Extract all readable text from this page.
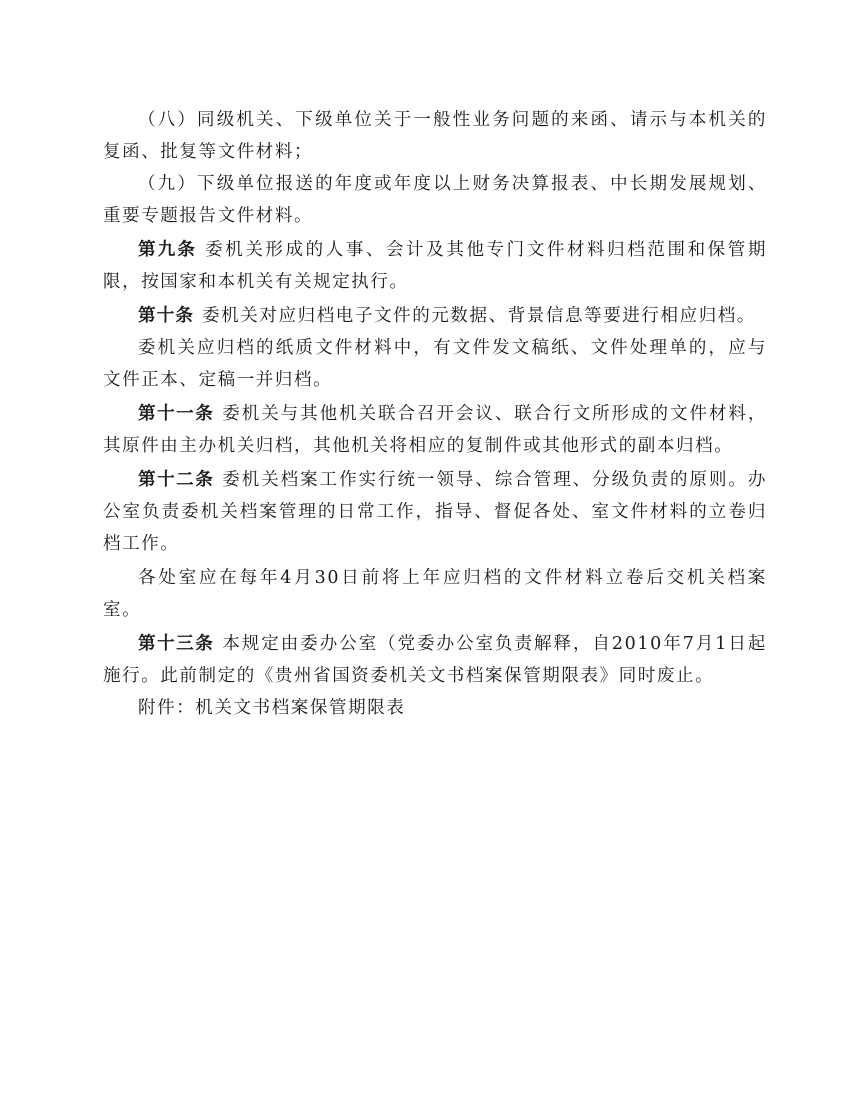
（八）同级机关、下级单位关于一般性业务问题的来函、请示与本机关的复函、批复等文件材料；

（九）下级单位报送的年度或年度以上财务决算报表、中长期发展规划、重要专题报告文件材料。

第九条 委机关形成的人事、会计及其他专门文件材料归档范围和保管期限，按国家和本机关有关规定执行。

第十条 委机关对应归档电子文件的元数据、背景信息等要进行相应归档。

委机关应归档的纸质文件材料中，有文件发文稿纸、文件处理单的，应与文件正本、定稿一并归档。

第十一条 委机关与其他机关联合召开会议、联合行文所形成的文件材料，其原件由主办机关归档，其他机关将相应的复制件或其他形式的副本归档。

第十二条 委机关档案工作实行统一领导、综合管理、分级负责的原则。办公室负责委机关档案管理的日常工作，指导、督促各处、室文件材料的立卷归档工作。

各处室应在每年4月30日前将上年应归档的文件材料立卷后交机关档案室。

第十三条 本规定由委办公室（党委办公室负责解释，自2010年7月1日起施行。此前制定的《贵州省国资委机关文书档案保管期限表》同时废止。

附件：机关文书档案保管期限表
